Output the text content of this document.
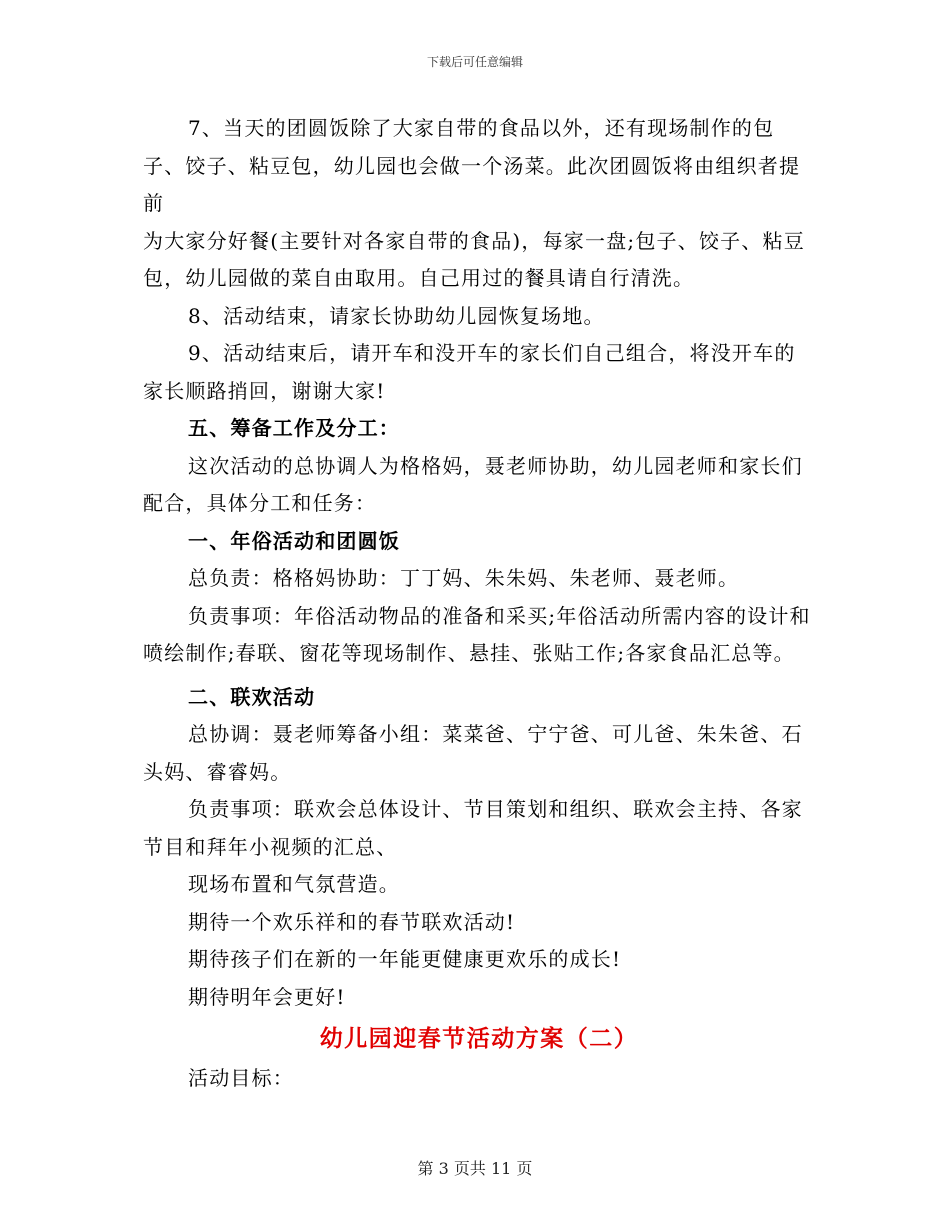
下载后可任意编辑

7、当天的团圆饭除了大家自带的食品以外，还有现场制作的包子、饺子、粘豆包，幼儿园也会做一个汤菜。此次团圆饭将由组织者提前

为大家分好餐(主要针对各家自带的食品)，每家一盘;包子、饺子、粘豆包，幼儿园做的菜自由取用。自己用过的餐具请自行清洗。

8、活动结束，请家长协助幼儿园恢复场地。

9、活动结束后，请开车和没开车的家长们自己组合，将没开车的家长顺路捎回，谢谢大家!

五、筹备工作及分工：

这次活动的总协调人为格格妈，聂老师协助，幼儿园老师和家长们配合，具体分工和任务：

一、年俗活动和团圆饭

总负责：格格妈协助：丁丁妈、朱朱妈、朱老师、聂老师。

负责事项：年俗活动物品的准备和采买;年俗活动所需内容的设计和喷绘制作;春联、窗花等现场制作、悬挂、张贴工作;各家食品汇总等。

二、联欢活动

总协调：聂老师筹备小组：菜菜爸、宁宁爸、可儿爸、朱朱爸、石头妈、睿睿妈。

负责事项：联欢会总体设计、节目策划和组织、联欢会主持、各家节目和拜年小视频的汇总、

现场布置和气氛营造。

期待一个欢乐祥和的春节联欢活动!

期待孩子们在新的一年能更健康更欢乐的成长!

期待明年会更好!

幼儿园迎春节活动方案（二）

活动目标：

第 3 页共 11 页
